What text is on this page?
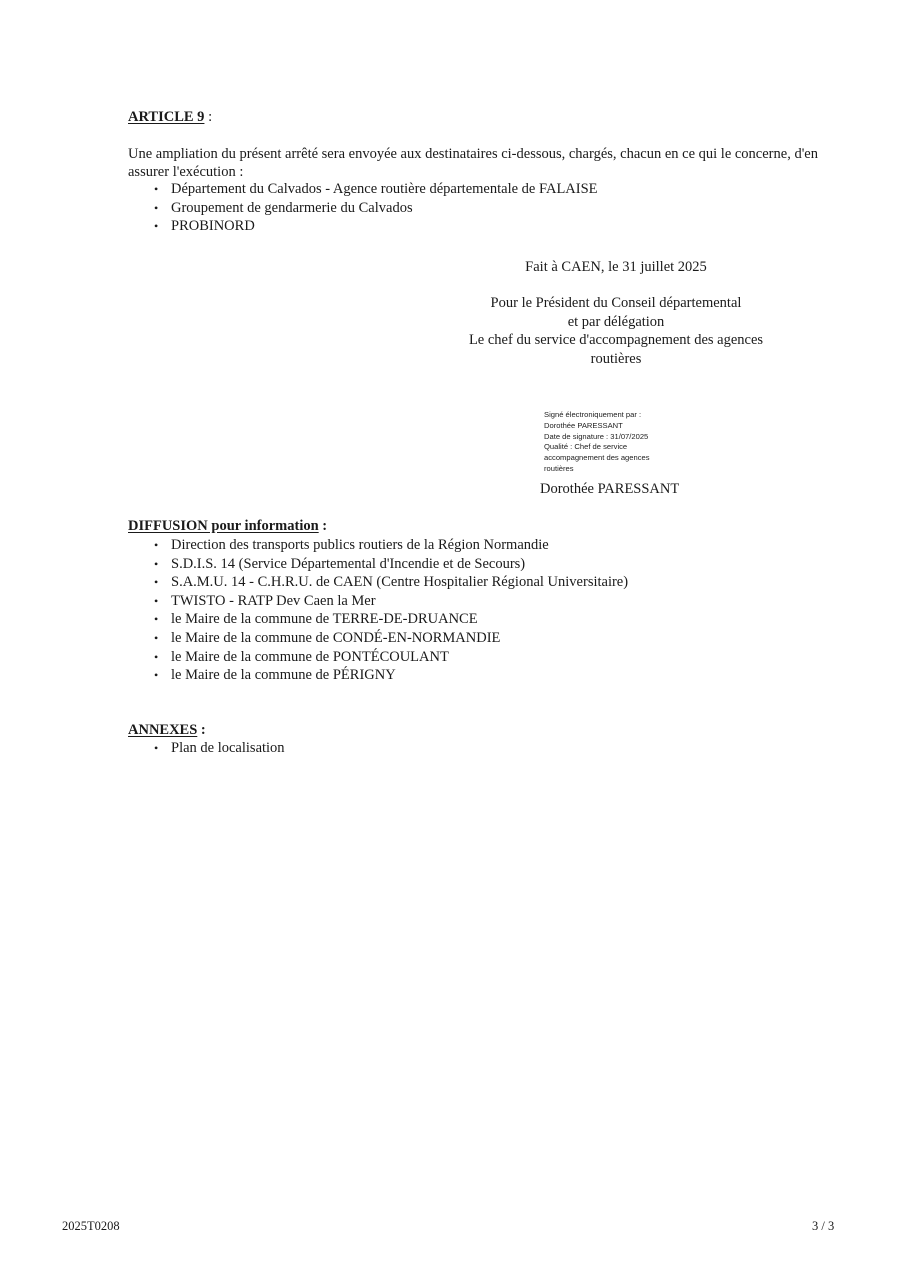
ARTICLE 9 :
Une ampliation du présent arrêté sera envoyée aux destinataires ci-dessous, chargés, chacun en ce qui le concerne, d'en assurer l'exécution :
• Département du Calvados - Agence routière départementale de FALAISE
• Groupement de gendarmerie du Calvados
• PROBINORD
Fait à CAEN, le 31 juillet 2025
Pour le Président du Conseil départemental
et par délégation
Le chef du service d'accompagnement des agences
routières
Signé électroniquement par :
Dorothée PARESSANT
Date de signature : 31/07/2025
Qualité : Chef de service
accompagnement des agences
routières
Dorothée PARESSANT
DIFFUSION pour information :
• Direction des transports publics routiers de la Région Normandie
• S.D.I.S. 14 (Service Départemental d'Incendie et de Secours)
• S.A.M.U. 14 - C.H.R.U. de CAEN (Centre Hospitalier Régional Universitaire)
• TWISTO - RATP Dev Caen la Mer
• le Maire de la commune de TERRE-DE-DRUANCE
• le Maire de la commune de CONDÉ-EN-NORMANDIE
• le Maire de la commune de PONTÉCOULANT
• le Maire de la commune de PÉRIGNY
ANNEXES :
• Plan de localisation
2025T0208	3 / 3
